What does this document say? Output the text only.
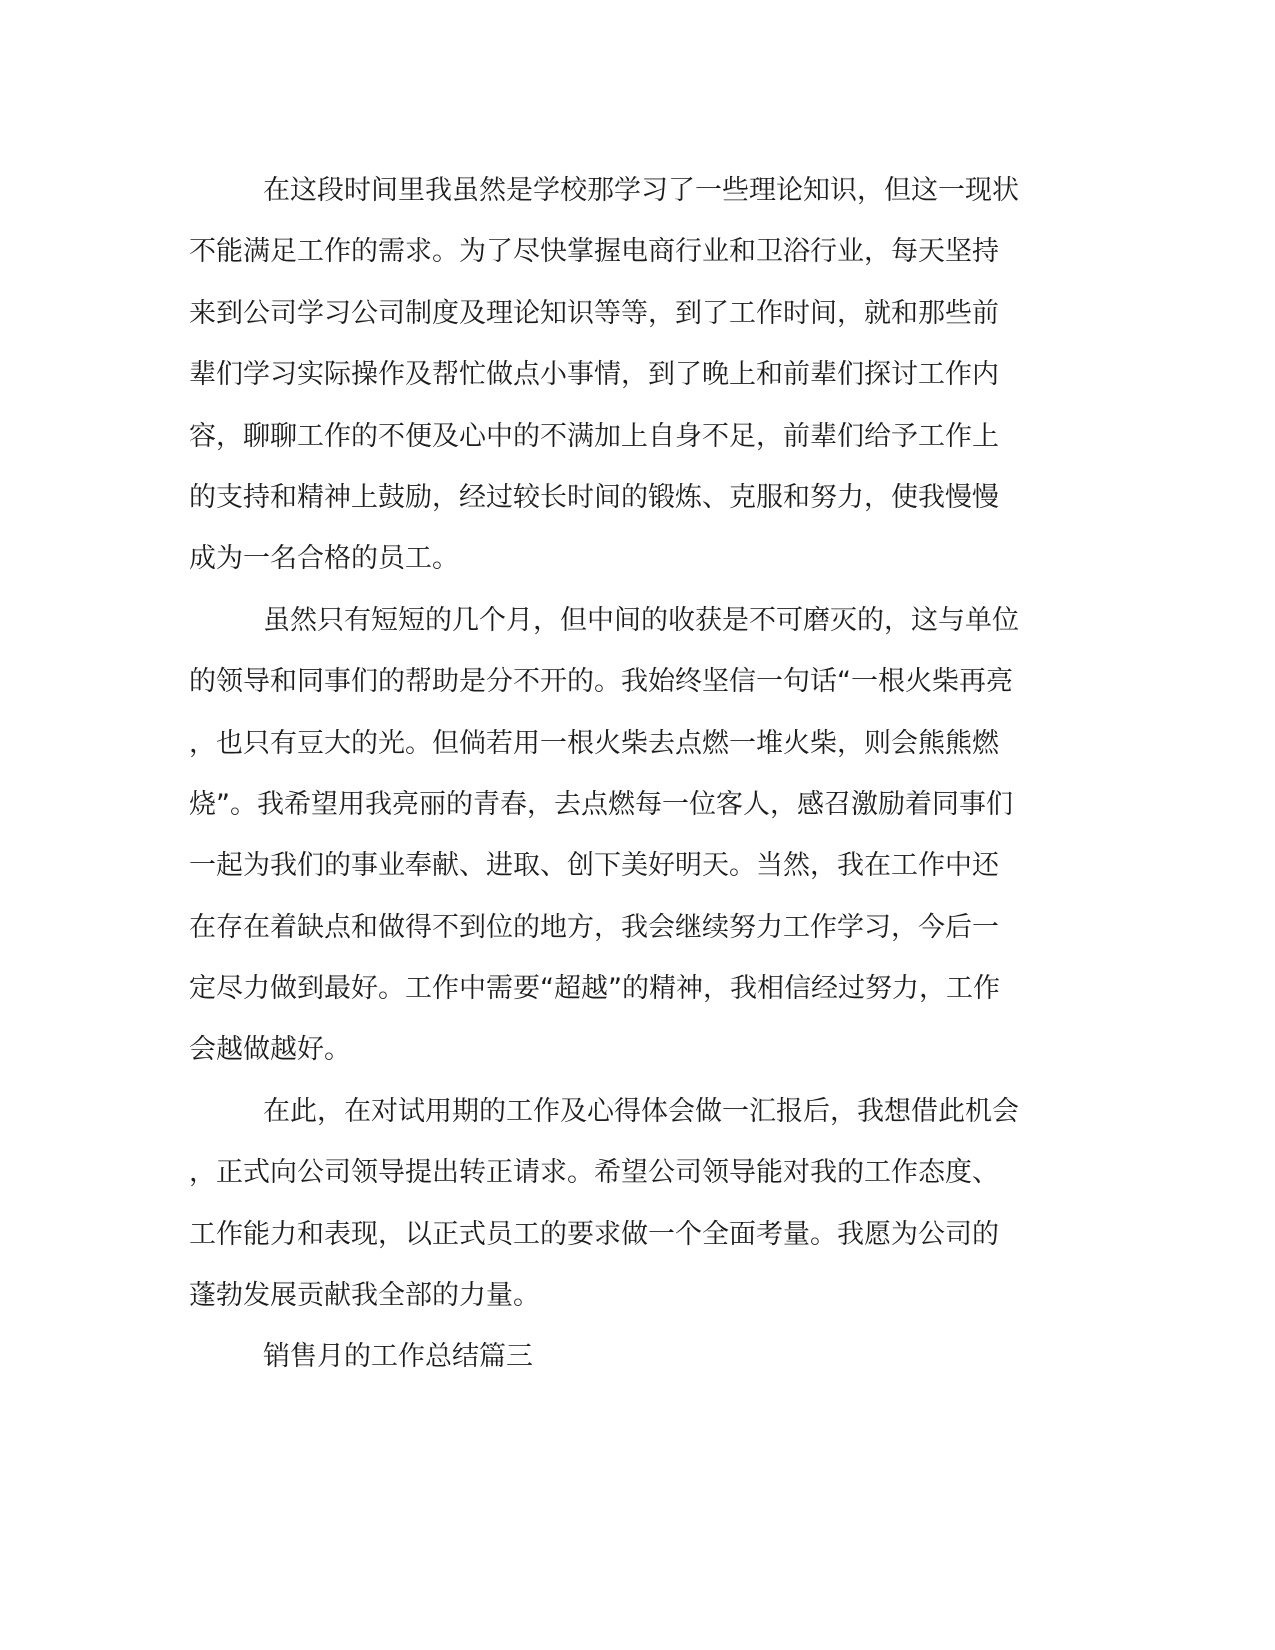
在这段时间里我虽然是学校那学习了一些理论知识，但这一现状
不能满足工作的需求。为了尽快掌握电商行业和卫浴行业，每天坚持
来到公司学习公司制度及理论知识等等，到了工作时间，就和那些前
辈们学习实际操作及帮忙做点小事情，到了晚上和前辈们探讨工作内
容，聊聊工作的不便及心中的不满加上自身不足，前辈们给予工作上
的支持和精神上鼓励，经过较长时间的锻炼、克服和努力，使我慢慢
成为一名合格的员工。

虽然只有短短的几个月，但中间的收获是不可磨灭的，这与单位
的领导和同事们的帮助是分不开的。我始终坚信一句话“一根火柴再亮
，也只有豆大的光。但倘若用一根火柴去点燃一堆火柴，则会熊熊燃
烧”。我希望用我亮丽的青春，去点燃每一位客人，感召激励着同事们
一起为我们的事业奉献、进取、创下美好明天。当然，我在工作中还
在存在着缺点和做得不到位的地方，我会继续努力工作学习，今后一
定尽力做到最好。工作中需要“超越”的精神，我相信经过努力，工作
会越做越好。

在此，在对试用期的工作及心得体会做一汇报后，我想借此机会
，正式向公司领导提出转正请求。希望公司领导能对我的工作态度、
工作能力和表现，以正式员工的要求做一个全面考量。我愿为公司的
蓬勃发展贡献我全部的力量。

销售月的工作总结篇三
